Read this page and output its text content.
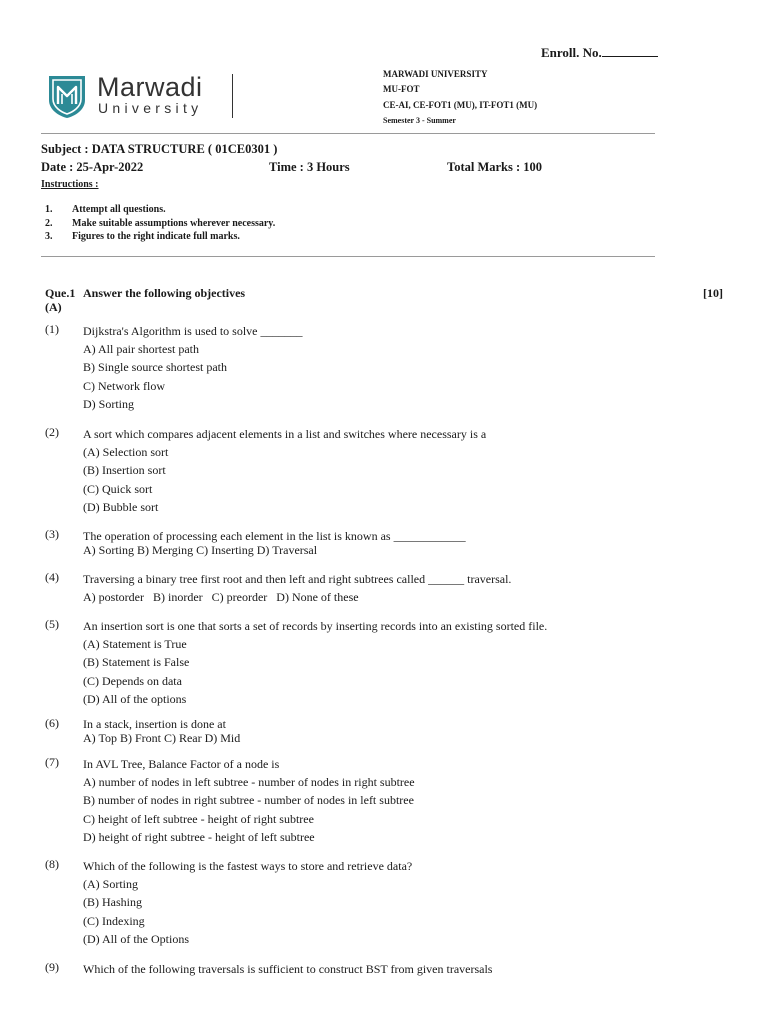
Enroll. No.
Marwadi
University
MARWADI UNIVERSITY
MU-FOT
CE-AI, CE-FOT1 (MU), IT-FOT1 (MU)
Semester 3 - Summer
Subject : DATA STRUCTURE ( 01CE0301 )
Date : 25-Apr-2022	Time : 3 Hours	Total Marks : 100
Instructions :
1. Attempt all questions.
2. Make suitable assumptions wherever necessary.
3. Figures to the right indicate full marks.
Que.1
(A)
Answer the following objectives	[10]
(1) Dijkstra's Algorithm is used to solve _______
A) All pair shortest path
B) Single source shortest path
C) Network flow
D) Sorting
(2) A sort which compares adjacent elements in a list and switches where necessary is a
(A) Selection sort
(B) Insertion sort
(C) Quick sort
(D) Bubble sort
(3) The operation of processing each element in the list is known as ____________
A) Sorting B) Merging C) Inserting D) Traversal
(4) Traversing a binary tree first root and then left and right subtrees called ______ traversal.
A) postorder   B) inorder   C) preorder   D) None of these
(5) An insertion sort is one that sorts a set of records by inserting records into an existing sorted file.
(A) Statement is True
(B) Statement is False
(C) Depends on data
(D) All of the options
(6) In a stack, insertion is done at
A) Top B) Front C) Rear D) Mid
(7) In AVL Tree, Balance Factor of a node is
A) number of nodes in left subtree - number of nodes in right subtree
B) number of nodes in right subtree - number of nodes in left subtree
C) height of left subtree - height of right subtree
D) height of right subtree - height of left subtree
(8) Which of the following is the fastest ways to store and retrieve data?
(A) Sorting
(B) Hashing
(C) Indexing
(D) All of the Options
(9) Which of the following traversals is sufficient to construct BST from given traversals
